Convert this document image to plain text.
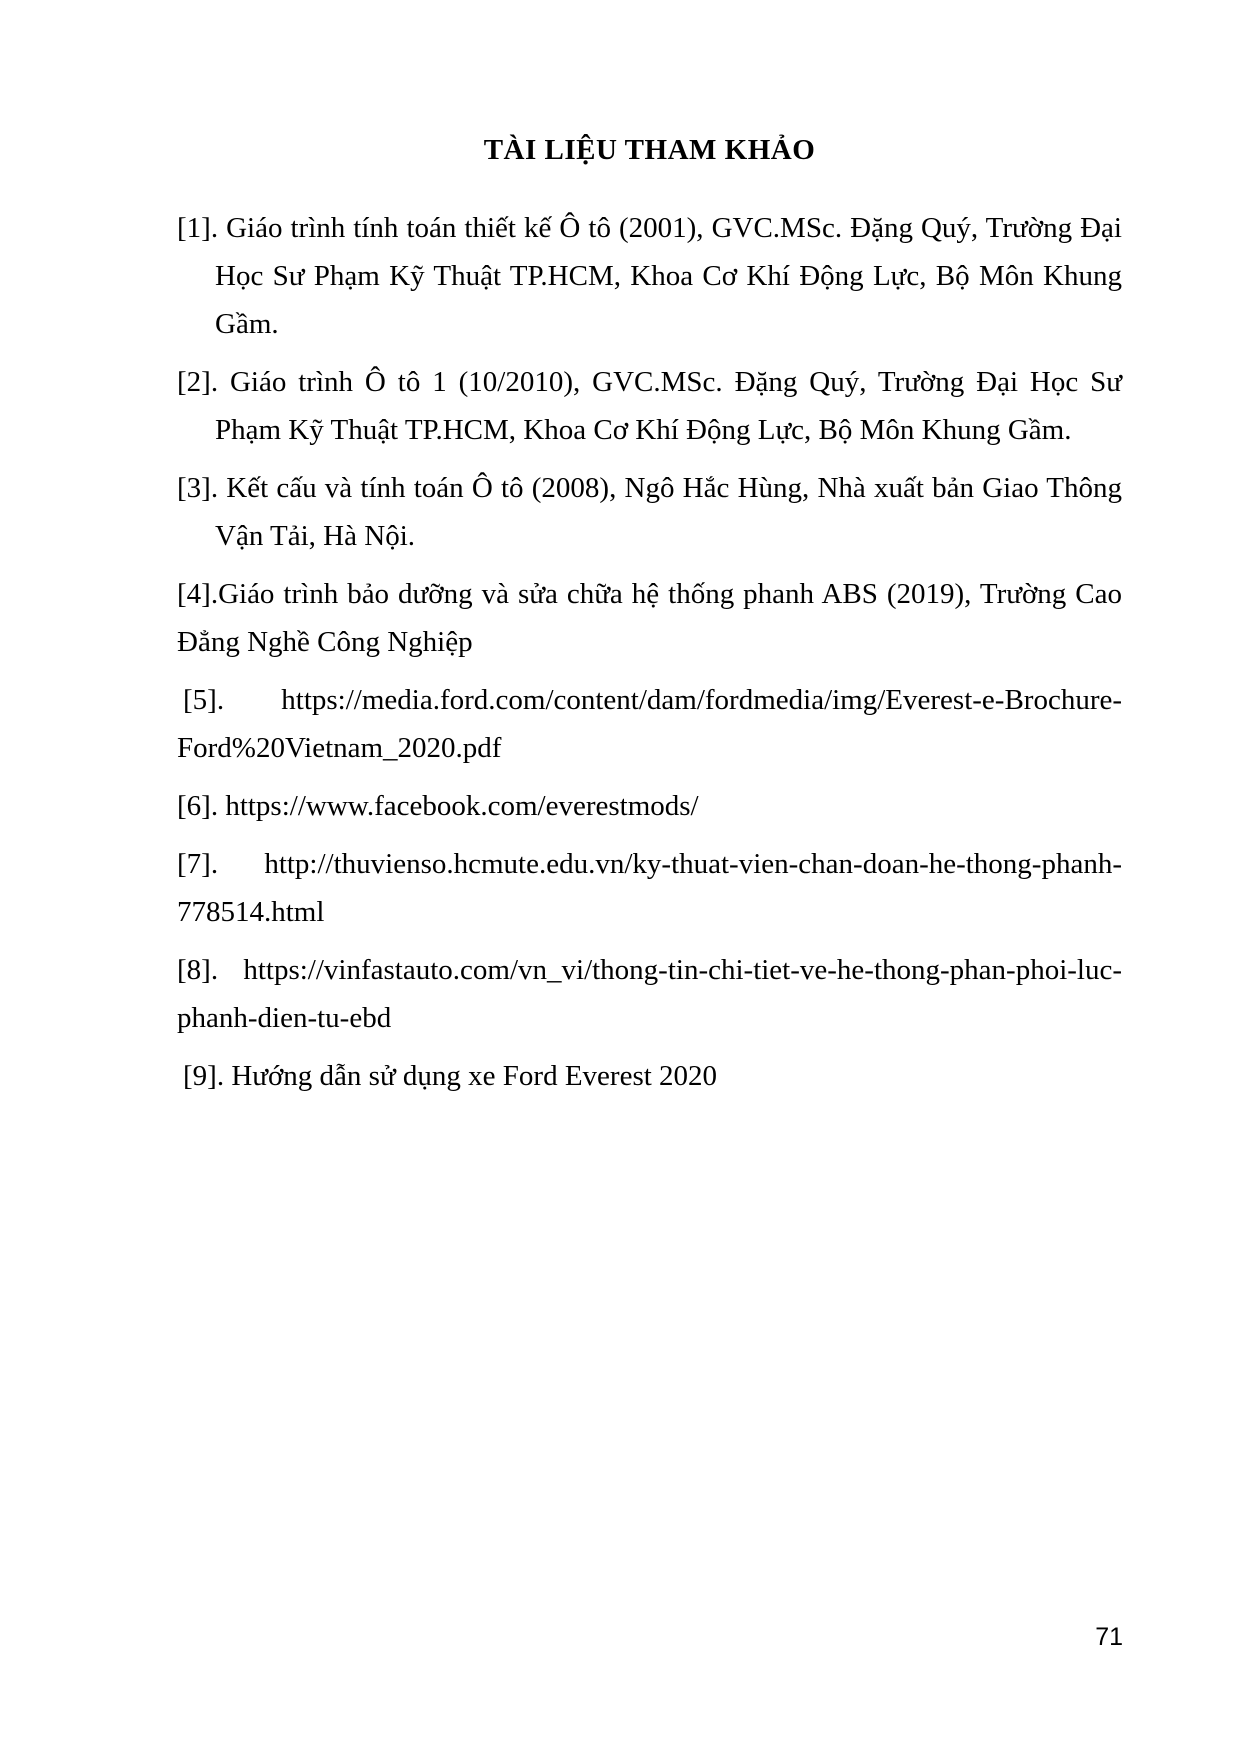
TÀI LIỆU THAM KHẢO

[1]. Giáo trình tính toán thiết kế Ô tô (2001), GVC.MSc. Đặng Quý, Trường Đại Học Sư Phạm Kỹ Thuật TP.HCM, Khoa Cơ Khí Động Lực, Bộ Môn Khung Gầm.

[2]. Giáo trình Ô tô 1 (10/2010), GVC.MSc. Đặng Quý, Trường Đại Học Sư Phạm Kỹ Thuật TP.HCM, Khoa Cơ Khí Động Lực, Bộ Môn Khung Gầm.

[3]. Kết cấu và tính toán Ô tô (2008), Ngô Hắc Hùng, Nhà xuất bản Giao Thông Vận Tải, Hà Nội.

[4].Giáo trình bảo dưỡng và sửa chữa hệ thống phanh ABS (2019), Trường Cao Đẳng Nghề Công Nghiệp

[5]. https://media.ford.com/content/dam/fordmedia/img/Everest-e-Brochure-Ford%20Vietnam_2020.pdf

[6]. https://www.facebook.com/everestmods/

[7]. http://thuvienso.hcmute.edu.vn/ky-thuat-vien-chan-doan-he-thong-phanh-778514.html

[8]. https://vinfastauto.com/vn_vi/thong-tin-chi-tiet-ve-he-thong-phan-phoi-luc-phanh-dien-tu-ebd

[9]. Hướng dẫn sử dụng xe Ford Everest 2020

71
